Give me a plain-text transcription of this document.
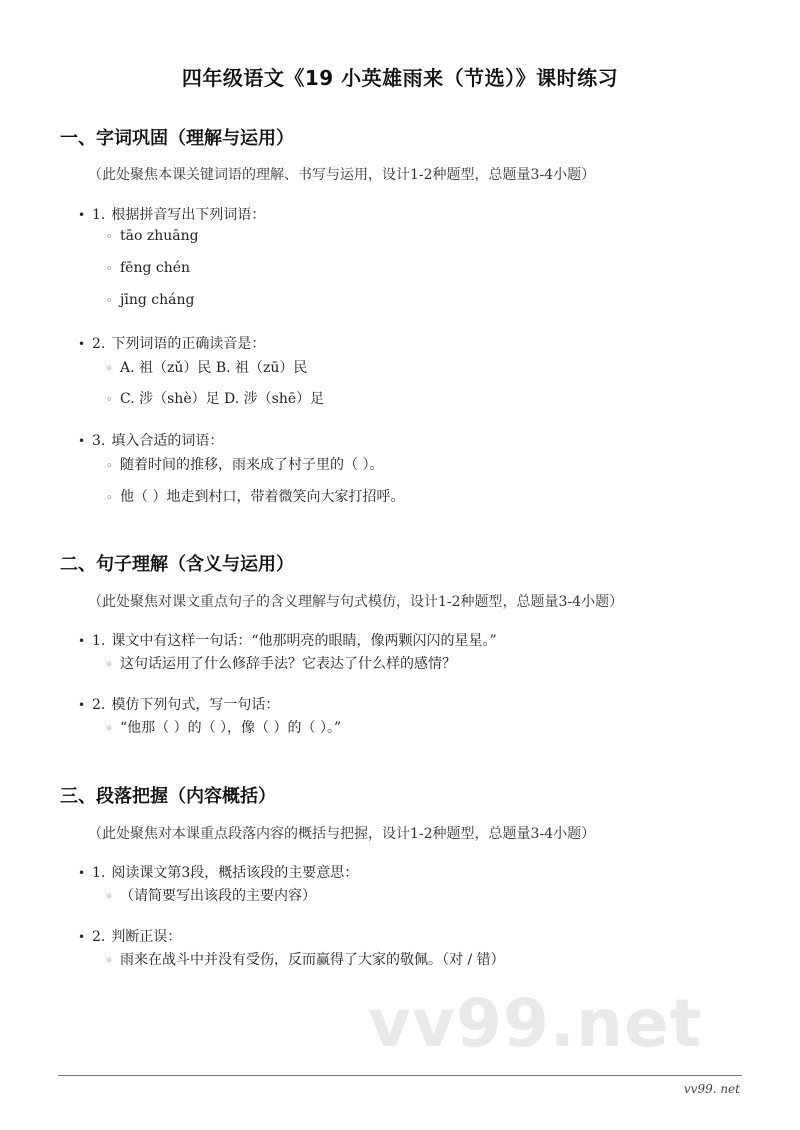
四年级语文《19 小英雄雨来（节选）》课时练习
一、字词巩固（理解与运用）
（此处聚焦本课关键词语的理解、书写与运用，设计1-2种题型，总题量3-4小题）
• 1. 根据拼音写出下列词语：
◦ tāo zhuāng
◦ fēng chén
◦ jīng cháng
• 2. 下列词语的正确读音是：
◦ A. 祖（zǔ）民 B. 祖（zū）民
◦ C. 涉（shè）足 D. 涉（shē）足
• 3. 填入合适的词语：
◦ 随着时间的推移，雨来成了村子里的（ ）。
◦ 他（ ）地走到村口，带着微笑向大家打招呼。
二、句子理解（含义与运用）
（此处聚焦对课文重点句子的含义理解与句式模仿，设计1-2种题型，总题量3-4小题）
• 1. 课文中有这样一句话：“他那明亮的眼睛，像两颗闪闪的星星。”
◦ 这句话运用了什么修辞手法？它表达了什么样的感情？
• 2. 模仿下列句式，写一句话：
◦ “他那（ ）的（ ），像（ ）的（ ）。”
三、段落把握（内容概括）
（此处聚焦对本课重点段落内容的概括与把握，设计1-2种题型，总题量3-4小题）
• 1. 阅读课文第3段，概括该段的主要意思：
◦ （请简要写出该段的主要内容）
• 2. 判断正误：
◦ 雨来在战斗中并没有受伤，反而赢得了大家的敬佩。（对 / 错）
vv99.net
vv99. net
